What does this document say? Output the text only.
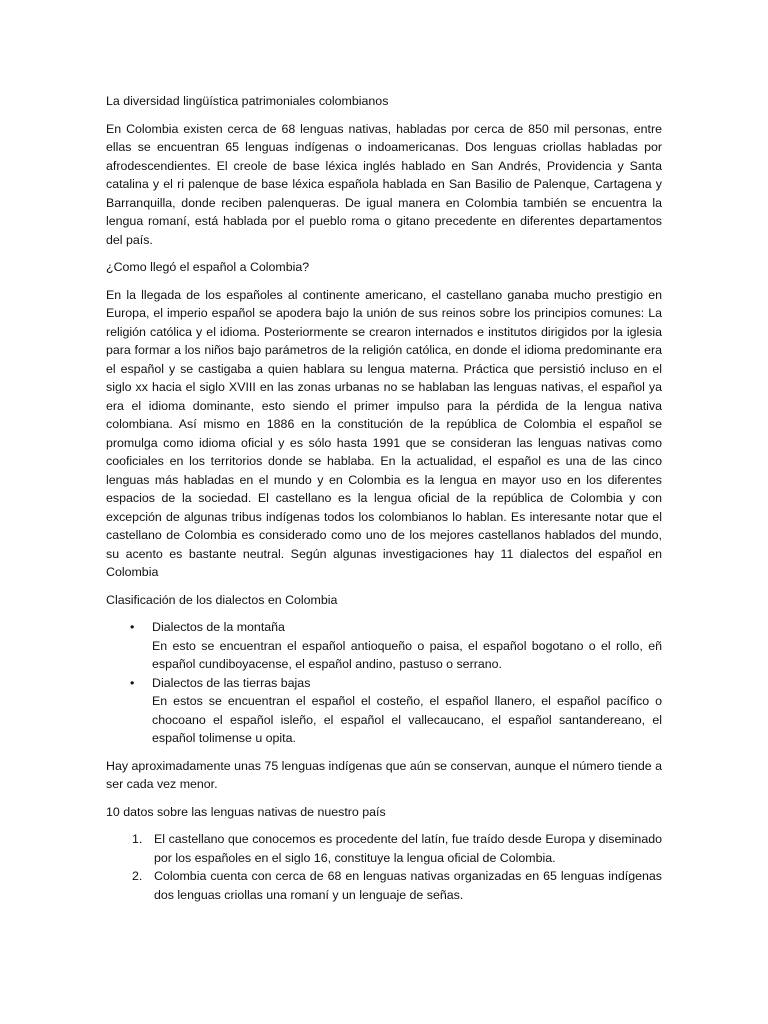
La diversidad lingüística patrimoniales colombianos

En Colombia existen cerca de 68 lenguas nativas, habladas por cerca de 850 mil personas, entre ellas se encuentran 65 lenguas indígenas o indoamericanas. Dos lenguas criollas habladas por afrodescendientes. El creole de base léxica inglés hablado en San Andrés, Providencia y Santa catalina y el ri palenque de base léxica española hablada en San Basilio de Palenque, Cartagena y Barranquilla, donde reciben palenqueras. De igual manera en Colombia también se encuentra la lengua romaní, está hablada por el pueblo roma o gitano precedente en diferentes departamentos del país.

¿Como llegó el español a Colombia?

En la llegada de los españoles al continente americano, el castellano ganaba mucho prestigio en Europa, el imperio español se apodera bajo la unión de sus reinos sobre los principios comunes: La religión católica y el idioma. Posteriormente se crearon internados e institutos dirigidos por la iglesia para formar a los niños bajo parámetros de la religión católica, en donde el idioma predominante era el español y se castigaba a quien hablara su lengua materna. Práctica que persistió incluso en el siglo xx hacia el siglo XVIII en las zonas urbanas no se hablaban las lenguas nativas, el español ya era el idioma dominante, esto siendo el primer impulso para la pérdida de la lengua nativa colombiana. Así mismo en 1886 en la constitución de la república de Colombia el español se promulga como idioma oficial y es sólo hasta 1991 que se consideran las lenguas nativas como cooficiales en los territorios donde se hablaba. En la actualidad, el español es una de las cinco lenguas más habladas en el mundo y en Colombia es la lengua en mayor uso en los diferentes espacios de la sociedad. El castellano es la lengua oficial de la república de Colombia y con excepción de algunas tribus indígenas todos los colombianos lo hablan. Es interesante notar que el castellano de Colombia es considerado como uno de los mejores castellanos hablados del mundo, su acento es bastante neutral. Según algunas investigaciones hay 11 dialectos del español en Colombia

Clasificación de los dialectos en Colombia

• Dialectos de la montaña
En esto se encuentran el español antioqueño o paisa, el español bogotano o el rollo, eñ español cundiboyacense, el español andino, pastuso o serrano.
• Dialectos de las tierras bajas
En estos se encuentran el español el costeño, el español llanero, el español pacífico o chocoano el español isleño, el español el vallecaucano, el español santandereano, el español tolimense u opita.

Hay aproximadamente unas 75 lenguas indígenas que aún se conservan, aunque el número tiende a ser cada vez menor.

10 datos sobre las lenguas nativas de nuestro país

1. El castellano que conocemos es procedente del latín, fue traído desde Europa y diseminado por los españoles en el siglo 16, constituye la lengua oficial de Colombia.
2. Colombia cuenta con cerca de 68 en lenguas nativas organizadas en 65 lenguas indígenas dos lenguas criollas una romaní y un lenguaje de señas.
